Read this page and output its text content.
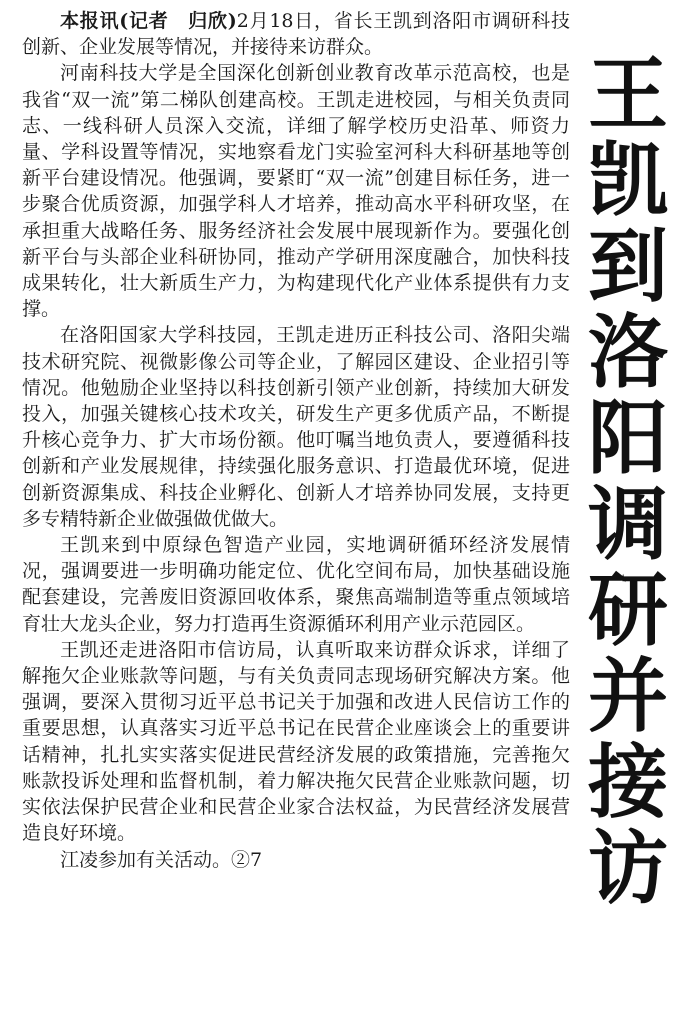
本报讯(记者　归欣)2月18日，省长王凯到洛阳市调研科技创新、企业发展等情况，并接待来访群众。

河南科技大学是全国深化创新创业教育改革示范高校，也是我省“双一流”第二梯队创建高校。王凯走进校园，与相关负责同志、一线科研人员深入交流，详细了解学校历史沿革、师资力量、学科设置等情况，实地察看龙门实验室河科大科研基地等创新平台建设情况。他强调，要紧盯“双一流”创建目标任务，进一步聚合优质资源，加强学科人才培养，推动高水平科研攻坚，在承担重大战略任务、服务经济社会发展中展现新作为。要强化创新平台与头部企业科研协同，推动产学研用深度融合，加快科技成果转化，壮大新质生产力，为构建现代化产业体系提供有力支撑。

在洛阳国家大学科技园，王凯走进历正科技公司、洛阳尖端技术研究院、视微影像公司等企业，了解园区建设、企业招引等情况。他勉励企业坚持以科技创新引领产业创新，持续加大研发投入，加强关键核心技术攻关，研发生产更多优质产品，不断提升核心竞争力、扩大市场份额。他叮嘱当地负责人，要遵循科技创新和产业发展规律，持续强化服务意识、打造最优环境，促进创新资源集成、科技企业孵化、创新人才培养协同发展，支持更多专精特新企业做强做优做大。

王凯来到中原绿色智造产业园，实地调研循环经济发展情况，强调要进一步明确功能定位、优化空间布局，加快基础设施配套建设，完善废旧资源回收体系，聚焦高端制造等重点领域培育壮大龙头企业，努力打造再生资源循环利用产业示范园区。

王凯还走进洛阳市信访局，认真听取来访群众诉求，详细了解拖欠企业账款等问题，与有关负责同志现场研究解决方案。他强调，要深入贯彻习近平总书记关于加强和改进人民信访工作的重要思想，认真落实习近平总书记在民营企业座谈会上的重要讲话精神，扎扎实实落实促进民营经济发展的政策措施，完善拖欠账款投诉处理和监督机制，着力解决拖欠民营企业账款问题，切实依法保护民营企业和民营企业家合法权益，为民营经济发展营造良好环境。

江凌参加有关活动。②7

王
凯
到
洛
阳
调
研
并
接
访
